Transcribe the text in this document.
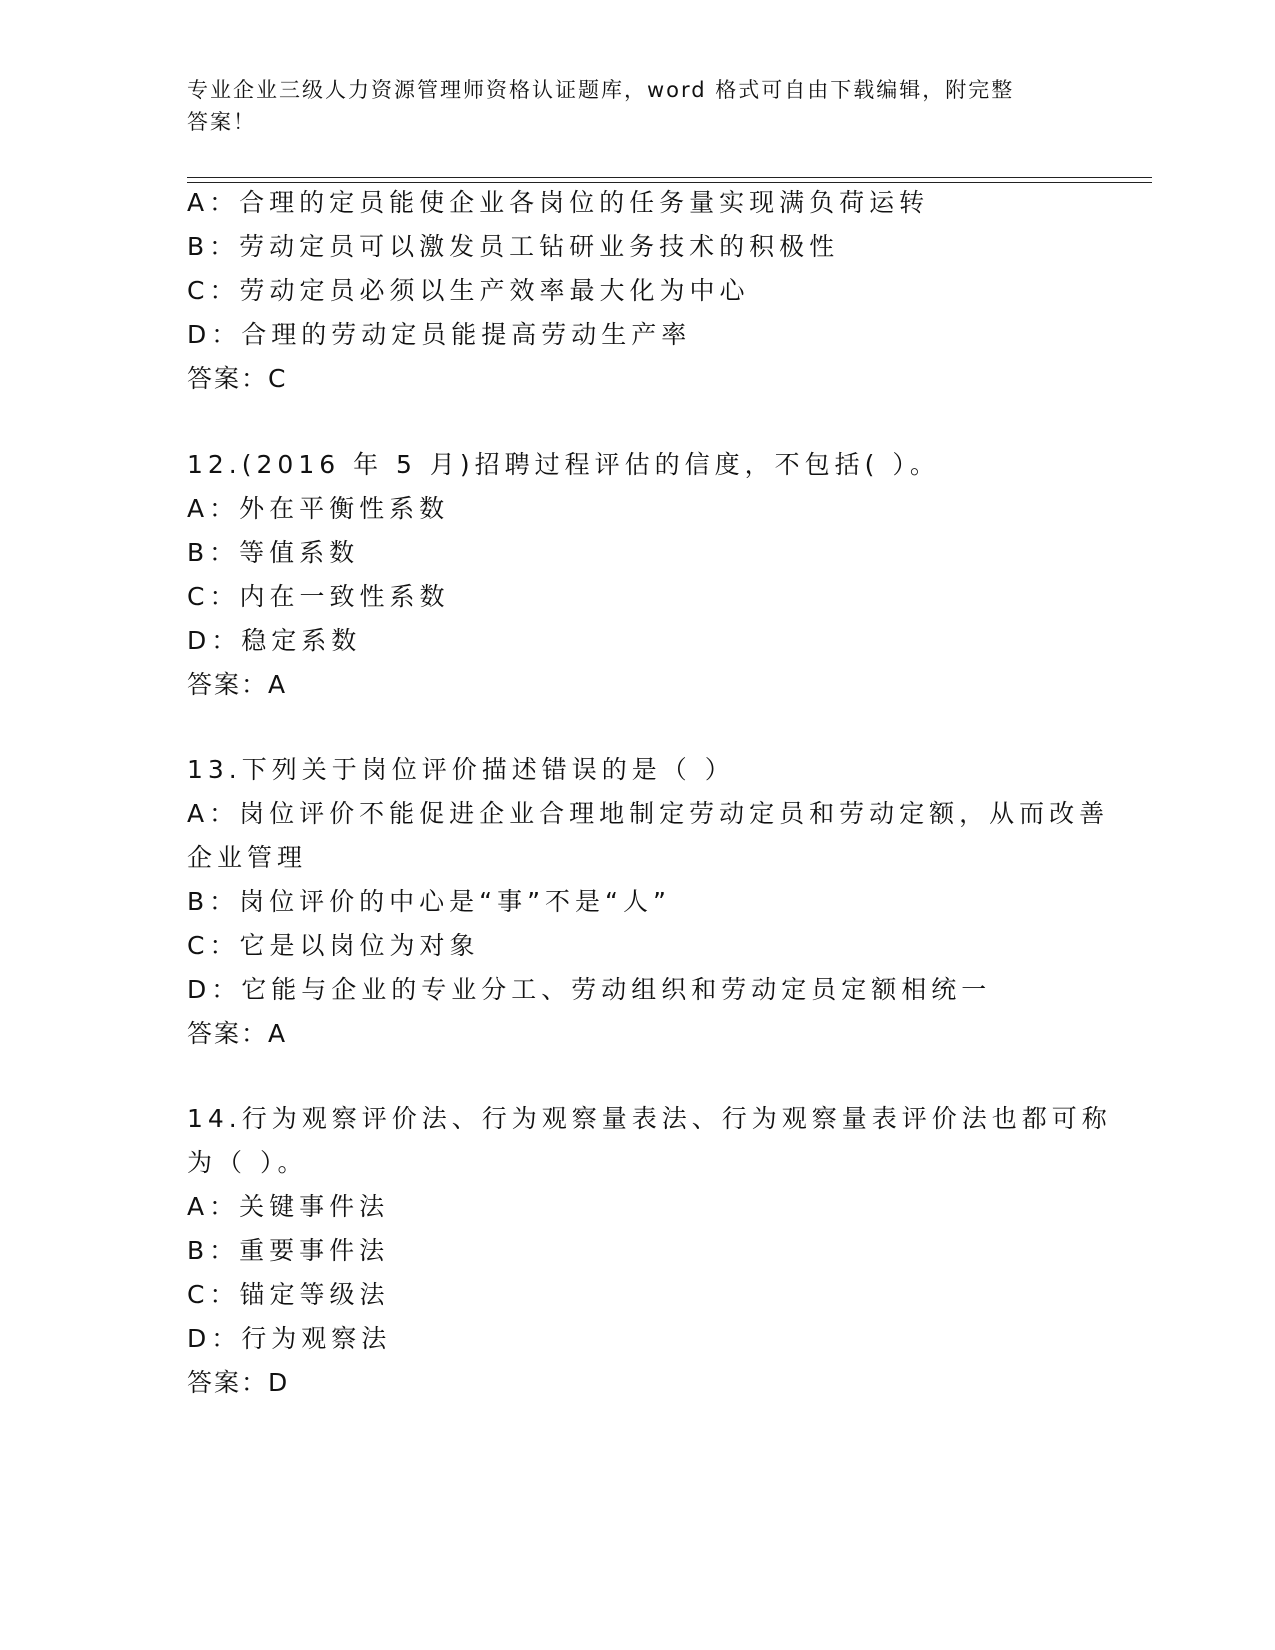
专业企业三级人力资源管理师资格认证题库，word 格式可自由下载编辑，附完整
答案！
A：合理的定员能使企业各岗位的任务量实现满负荷运转
B：劳动定员可以激发员工钻研业务技术的积极性
C：劳动定员必须以生产效率最大化为中心
D：合理的劳动定员能提高劳动生产率
答案：C
12.(2016 年 5 月)招聘过程评估的信度，不包括( ）。
A：外在平衡性系数
B：等值系数
C：内在一致性系数
D：稳定系数
答案：A
13.下列关于岗位评价描述错误的是（ ）
A：岗位评价不能促进企业合理地制定劳动定员和劳动定额，从而改善
企业管理
B：岗位评价的中心是“事”不是“人”
C：它是以岗位为对象
D：它能与企业的专业分工、劳动组织和劳动定员定额相统一
答案：A
14.行为观察评价法、行为观察量表法、行为观察量表评价法也都可称
为（ ）。
A：关键事件法
B：重要事件法
C：锚定等级法
D：行为观察法
答案：D
